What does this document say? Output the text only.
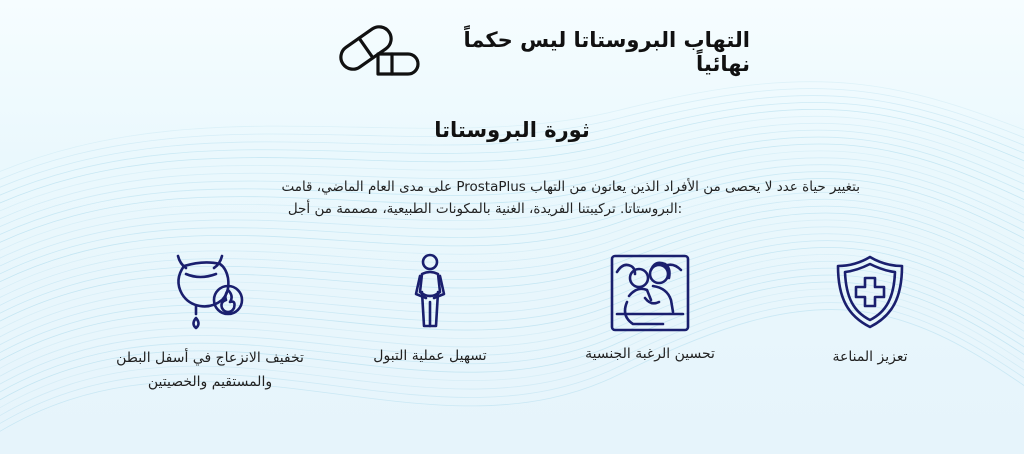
التهاب البروستاتا ليس حكماً نهائياً
ثورة البروستاتا
بتغيير حياة عدد لا يحصى من الأفراد الذين يعانون من التهاب ProstaPlus على مدى العام الماضي، قامت

:البروستاتا. تركيبتنا الفريدة، الغنية بالمكونات الطبيعية، مصممة من أجل
تعزيز المناعة
تحسين الرغبة الجنسية
تسهيل عملية التبول
تخفيف الانزعاج في أسفل البطن
والمستقيم والخصيتين
